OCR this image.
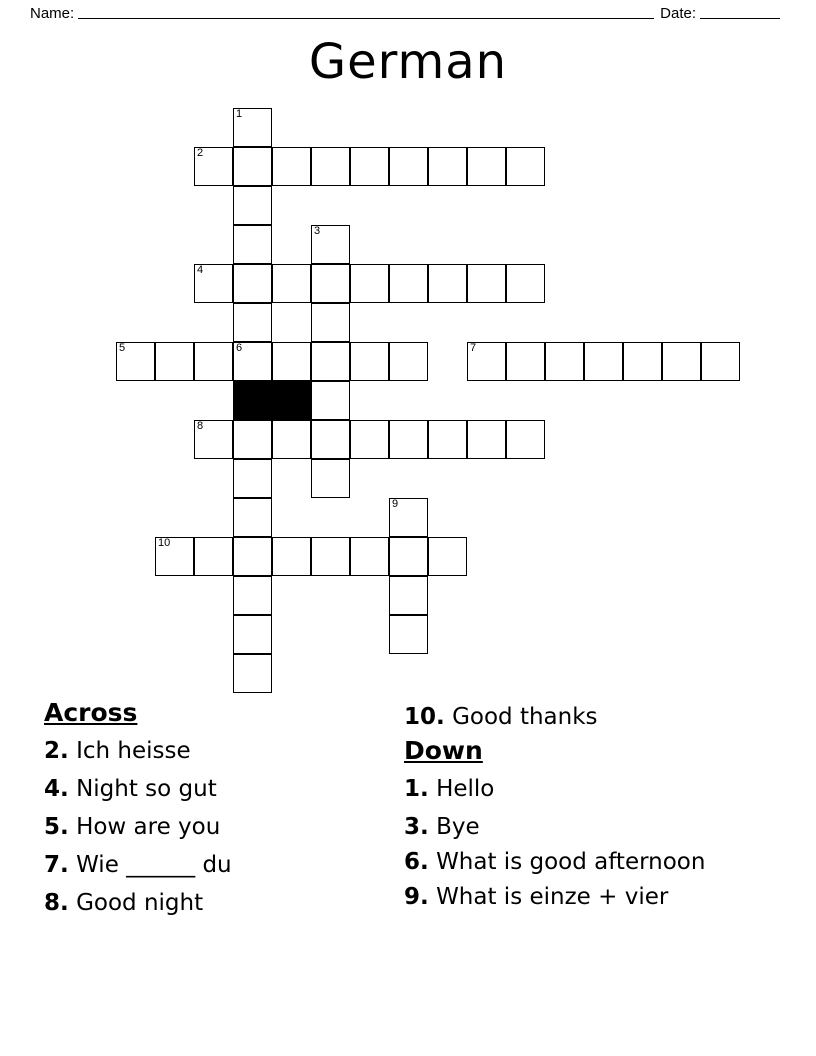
Name:	Date:
German
1
2
3
4
5	6	7
8
9
10
Across
2. Ich heisse
4. Night so gut
5. How are you
7. Wie ______ du
8. Good night
10. Good thanks
Down
1. Hello
3. Bye
6. What is good afternoon
9. What is einze + vier
